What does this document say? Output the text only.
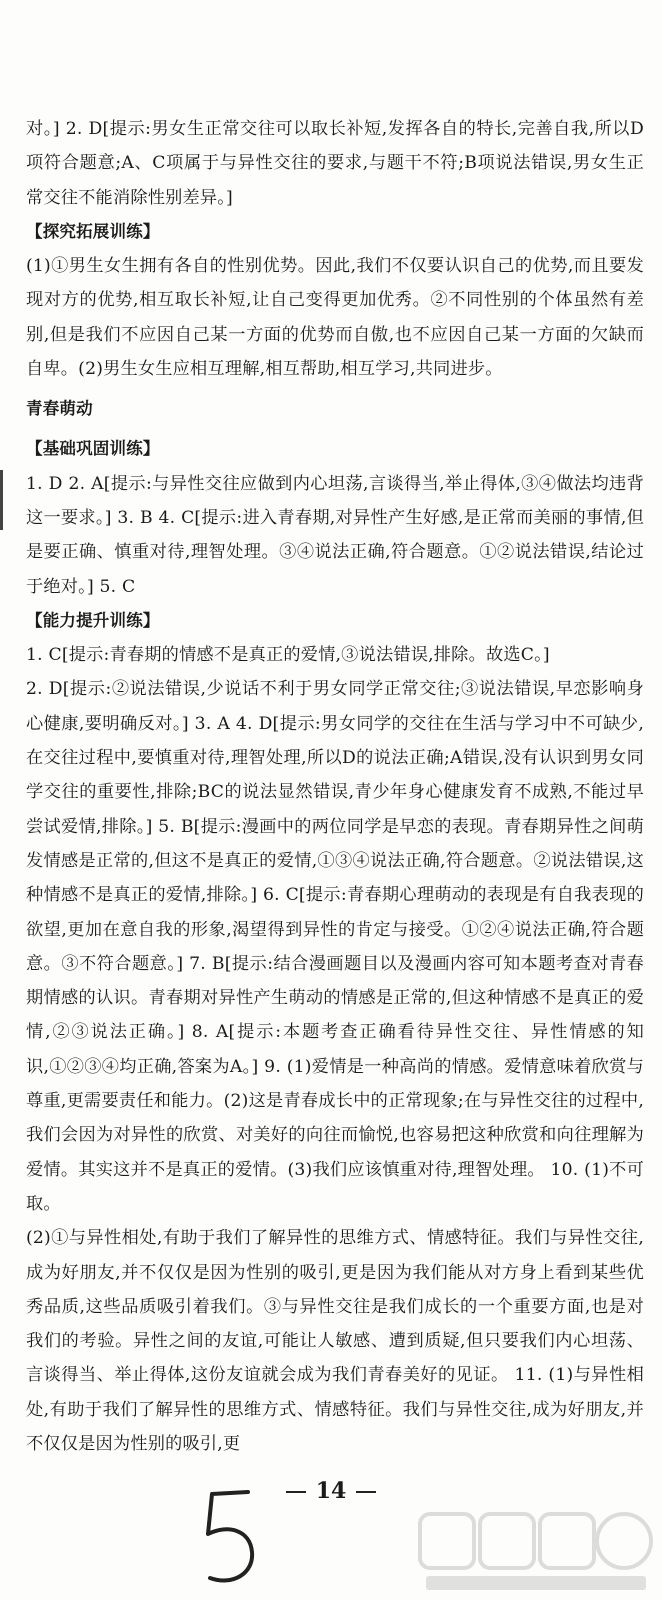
对。] 2. D[提示:男女生正常交往可以取长补短,发挥各自的特长,完善自我,所以D项符合题意;A、C项属于与异性交往的要求,与题干不符;B项说法错误,男女生正常交往不能消除性别差异。]

【探究拓展训练】

(1)①男生女生拥有各自的性别优势。因此,我们不仅要认识自己的优势,而且要发现对方的优势,相互取长补短,让自己变得更加优秀。②不同性别的个体虽然有差别,但是我们不应因自己某一方面的优势而自傲,也不应因自己某一方面的欠缺而自卑。(2)男生女生应相互理解,相互帮助,相互学习,共同进步。

青春萌动

【基础巩固训练】

1. D 2. A[提示:与异性交往应做到内心坦荡,言谈得当,举止得体,③④做法均违背这一要求。] 3. B 4. C[提示:进入青春期,对异性产生好感,是正常而美丽的事情,但是要正确、慎重对待,理智处理。③④说法正确,符合题意。①②说法错误,结论过于绝对。] 5. C

【能力提升训练】

1. C[提示:青春期的情感不是真正的爱情,③说法错误,排除。故选C。]

2. D[提示:②说法错误,少说话不利于男女同学正常交往;③说法错误,早恋影响身心健康,要明确反对。] 3. A 4. D[提示:男女同学的交往在生活与学习中不可缺少,在交往过程中,要慎重对待,理智处理,所以D的说法正确;A错误,没有认识到男女同学交往的重要性,排除;BC的说法显然错误,青少年身心健康发育不成熟,不能过早尝试爱情,排除。] 5. B[提示:漫画中的两位同学是早恋的表现。青春期异性之间萌发情感是正常的,但这不是真正的爱情,①③④说法正确,符合题意。②说法错误,这种情感不是真正的爱情,排除。] 6. C[提示:青春期心理萌动的表现是有自我表现的欲望,更加在意自我的形象,渴望得到异性的肯定与接受。①②④说法正确,符合题意。③不符合题意。] 7. B[提示:结合漫画题目以及漫画内容可知本题考查对青春期情感的认识。青春期对异性产生萌动的情感是正常的,但这种情感不是真正的爱情,②③说法正确。] 8. A[提示:本题考查正确看待异性交往、异性情感的知识,①②③④均正确,答案为A。] 9. (1)爱情是一种高尚的情感。爱情意味着欣赏与尊重,更需要责任和能力。(2)这是青春成长中的正常现象;在与异性交往的过程中,我们会因为对异性的欣赏、对美好的向往而愉悦,也容易把这种欣赏和向往理解为爱情。其实这并不是真正的爱情。(3)我们应该慎重对待,理智处理。 10. (1)不可取。

(2)①与异性相处,有助于我们了解异性的思维方式、情感特征。我们与异性交往,成为好朋友,并不仅仅是因为性别的吸引,更是因为我们能从对方身上看到某些优秀品质,这些品质吸引着我们。③与异性交往是我们成长的一个重要方面,也是对我们的考验。异性之间的友谊,可能让人敏感、遭到质疑,但只要我们内心坦荡、言谈得当、举止得体,这份友谊就会成为我们青春美好的见证。 11. (1)与异性相处,有助于我们了解异性的思维方式、情感特征。我们与异性交往,成为好朋友,并不仅仅是因为性别的吸引,更

14
